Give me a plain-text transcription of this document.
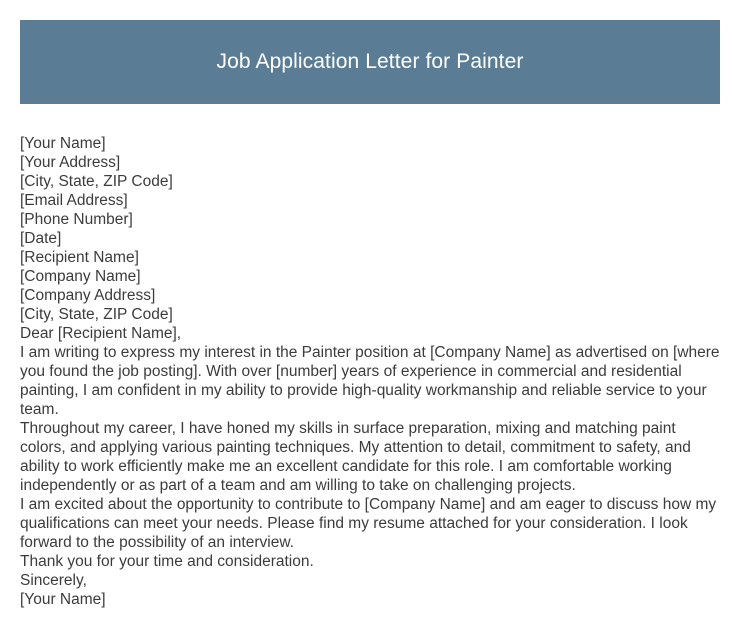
Job Application Letter for Painter
[Your Name]
[Your Address]
[City, State, ZIP Code]
[Email Address]
[Phone Number]
[Date]
[Recipient Name]
[Company Name]
[Company Address]
[City, State, ZIP Code]
Dear [Recipient Name],
I am writing to express my interest in the Painter position at [Company Name] as advertised on [where you found the job posting]. With over [number] years of experience in commercial and residential painting, I am confident in my ability to provide high-quality workmanship and reliable service to your team.
Throughout my career, I have honed my skills in surface preparation, mixing and matching paint colors, and applying various painting techniques. My attention to detail, commitment to safety, and ability to work efficiently make me an excellent candidate for this role. I am comfortable working independently or as part of a team and am willing to take on challenging projects.
I am excited about the opportunity to contribute to [Company Name] and am eager to discuss how my qualifications can meet your needs. Please find my resume attached for your consideration. I look forward to the possibility of an interview.
Thank you for your time and consideration.
Sincerely,
[Your Name]
